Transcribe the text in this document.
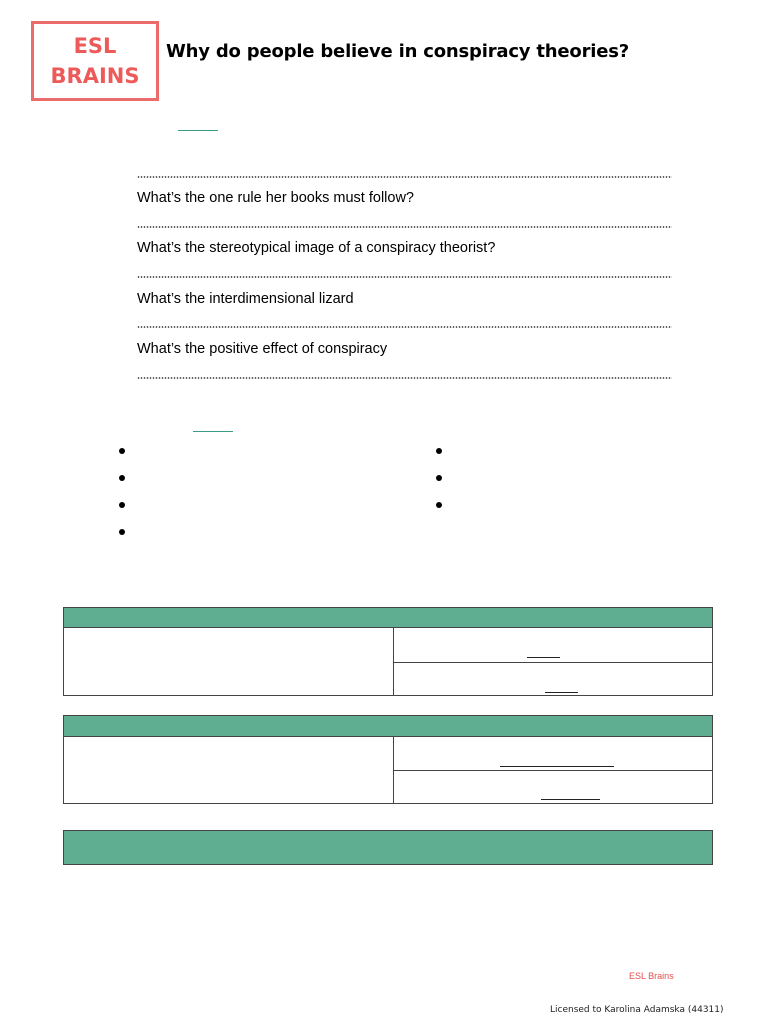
ESL
BRAINS
Why do people believe in conspiracy theories?
What’s the one rule her books must follow?
What’s the stereotypical image of a conspiracy theorist?
What’s the interdimensional lizard
What’s the positive effect of conspiracy
ESL Brains
Licensed to Karolina Adamska (44311)
